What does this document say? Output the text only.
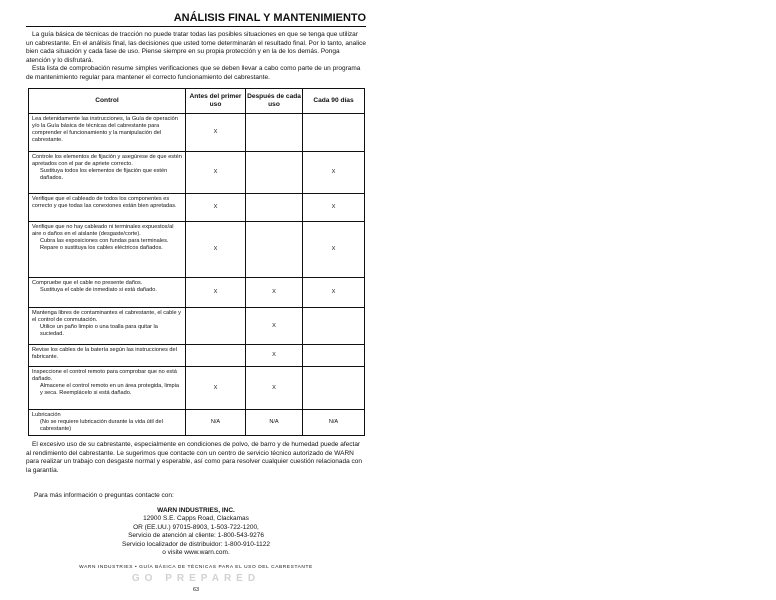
ANÁLISIS FINAL Y MANTENIMIENTO

La guía básica de técnicas de tracción no puede tratar todas las posibles situaciones en que se tenga que utilizar un cabrestante. En el análisis final, las decisiones que usted tome determinarán el resultado final. Por lo tanto, analice bien cada situación y cada fase de uso. Piense siempre en su propia protección y en la de los demás. Ponga atención y lo disfrutará.

Esta lista de comprobación resume simples verificaciones que se deben llevar a cabo como parte de un programa de mantenimiento regular para mantener el correcto funcionamiento del cabrestante.

Control	Antes del primer uso	Después de cada uso	Cada 90 días

Lea detenidamente las instrucciones, la Guía de operación y/o la Guía básica de técnicas del cabrestante para comprender el funcionamiento y la manipulación del cabrestante.	X		

Controle los elementos de fijación y asegúrese de que estén apretados con el par de apriete correcto.
Sustituya todos los elementos de fijación que estén dañados.	X		X

Verifique que el cableado de todos los componentes es correcto y que todas las conexiones están bien apretadas.	X		X

Verifique que no hay cableado ni terminales expuestos/al aire o daños en el aislante (desgaste/corte).
Cubra las exposiciones con fundas para terminales. Repare o sustituya los cables eléctricos dañados.	X		X

Compruebe que el cable no presente daños.
Sustituya el cable de inmediato si está dañado.	X	X	X

Mantenga libres de contaminantes el cabrestante, el cable y el control de conmutación.
Utilice un paño limpio o una toalla para quitar la suciedad.		X	

Revise los cables de la batería según las instrucciones del fabricante.		X	

Inspeccione el control remoto para comprobar que no está dañado.
Almacene el control remoto en un área protegida, limpia y seca. Reemplácelo si está dañado.	X	X	

Lubricación
(No se requiere lubricación durante la vida útil del cabrestante)	N/A	N/A	N/A

El excesivo uso de su cabrestante, especialmente en condiciones de polvo, de barro y de humedad puede afectar al rendimiento del cabrestante. Le sugerimos que contacte con un centro de servicio técnico autorizado de WARN para realizar un trabajo con desgaste normal y esperable, así como para resolver cualquier cuestión relacionada con la garantía.

Para más información o preguntas contacte con:
WARN INDUSTRIES, INC.
12900 S.E. Capps Road, Clackamas
OR (EE.UU.) 97015-8903, 1-503-722-1200,
Servicio de atención al cliente: 1-800-543-9276
Servicio localizador de distribuidor: 1-800-910-1122
o visite www.warn.com.
WARN INDUSTRIES • GUÍA BÁSICA DE TÉCNICAS PARA EL USO DEL CABRESTANTE
GO PREPARED
63
